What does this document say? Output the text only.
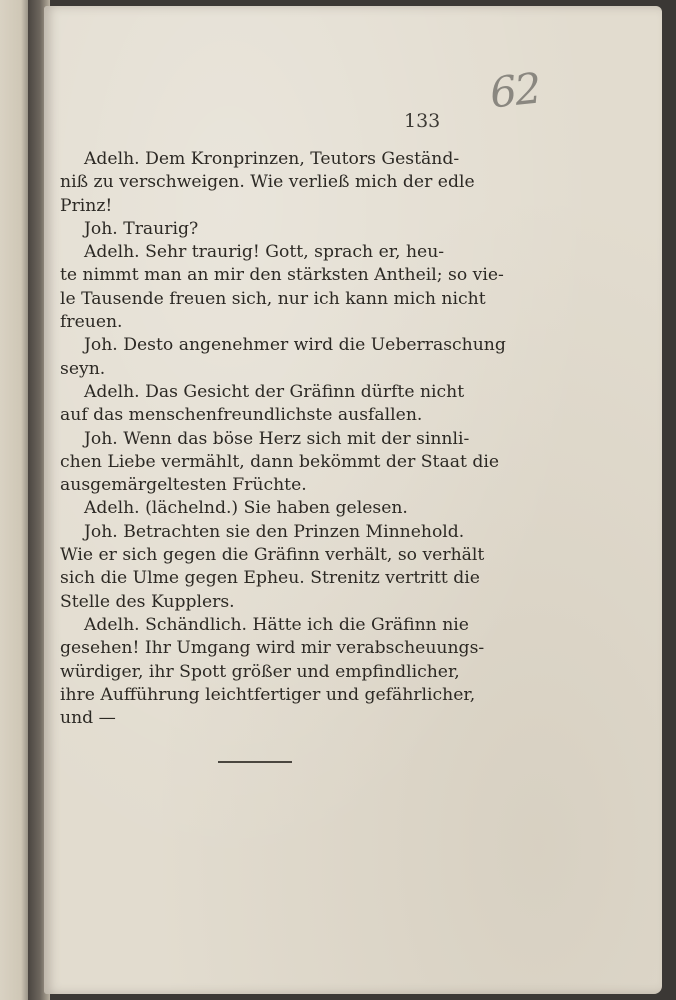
62

133

Adelh. Dem Kronprinzen, Teutors Geständ-
niß zu verschweigen. Wie verließ mich der edle
Prinz!
Joh. Traurig?
Adelh. Sehr traurig! Gott, sprach er, heu-
te nimmt man an mir den stärksten Antheil; so vie-
le Tausende freuen sich, nur ich kann mich nicht
freuen.
Joh. Desto angenehmer wird die Ueberraschung
seyn.
Adelh. Das Gesicht der Gräfinn dürfte nicht
auf das menschenfreundlichste ausfallen.
Joh. Wenn das böse Herz sich mit der sinnli-
chen Liebe vermählt, dann bekömmt der Staat die
ausgemärgeltesten Früchte.
Adelh. (lächelnd.) Sie haben gelesen.
Joh. Betrachten sie den Prinzen Minnehold.
Wie er sich gegen die Gräfinn verhält, so verhält
sich die Ulme gegen Epheu. Strenitz vertritt die
Stelle des Kupplers.
Adelh. Schändlich. Hätte ich die Gräfinn nie
gesehen! Ihr Umgang wird mir verabscheuungs-
würdiger, ihr Spott größer und empfindlicher,
ihre Aufführung leichtfertiger und gefährlicher,
und —
